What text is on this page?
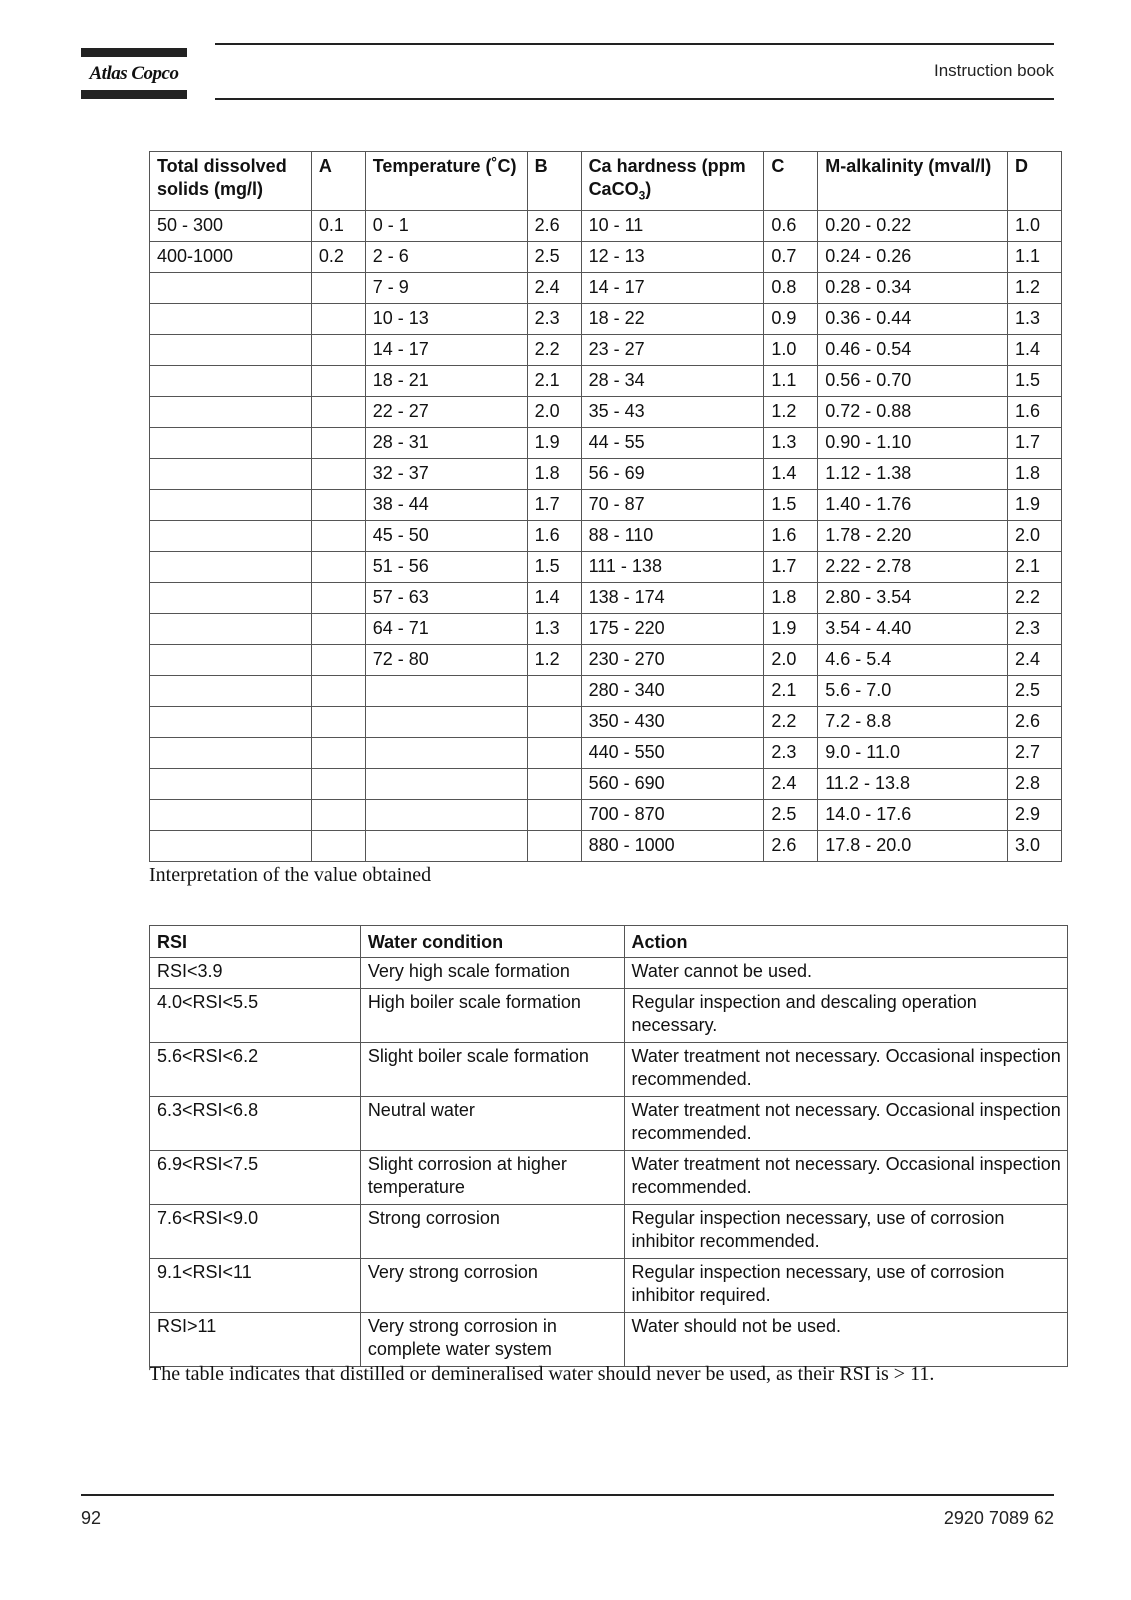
Atlas Copco	Instruction book
Total dissolved solids (mg/l)	A	Temperature (˚C)	B	Ca hardness (ppm CaCO$_3$)	C	M-alkalinity (mval/l)	D
50 - 300	0.1	0 - 1	2.6	10 - 11	0.6	0.20 - 0.22	1.0
400-1000	0.2	2 - 6	2.5	12 - 13	0.7	0.24 - 0.26	1.1
		7 - 9	2.4	14 - 17	0.8	0.28 - 0.34	1.2
		10 - 13	2.3	18 - 22	0.9	0.36 - 0.44	1.3
		14 - 17	2.2	23 - 27	1.0	0.46 - 0.54	1.4
		18 - 21	2.1	28 - 34	1.1	0.56 - 0.70	1.5
		22 - 27	2.0	35 - 43	1.2	0.72 - 0.88	1.6
		28 - 31	1.9	44 - 55	1.3	0.90 - 1.10	1.7
		32 - 37	1.8	56 - 69	1.4	1.12 - 1.38	1.8
		38 - 44	1.7	70 - 87	1.5	1.40 - 1.76	1.9
		45 - 50	1.6	88 - 110	1.6	1.78 - 2.20	2.0
		51 - 56	1.5	111 - 138	1.7	2.22 - 2.78	2.1
		57 - 63	1.4	138 - 174	1.8	2.80 - 3.54	2.2
		64 - 71	1.3	175 - 220	1.9	3.54 - 4.40	2.3
		72 - 80	1.2	230 - 270	2.0	4.6 - 5.4	2.4
				280 - 340	2.1	5.6 - 7.0	2.5
				350 - 430	2.2	7.2 - 8.8	2.6
				440 - 550	2.3	9.0 - 11.0	2.7
				560 - 690	2.4	11.2 - 13.8	2.8
				700 - 870	2.5	14.0 - 17.6	2.9
				880 - 1000	2.6	17.8 - 20.0	3.0
Interpretation of the value obtained
RSI	Water condition	Action
RSI<3.9	Very high scale formation	Water cannot be used.
4.0<RSI<5.5	High boiler scale formation	Regular inspection and descaling operation necessary.
5.6<RSI<6.2	Slight boiler scale formation	Water treatment not necessary. Occasional inspection recommended.
6.3<RSI<6.8	Neutral water	Water treatment not necessary. Occasional inspection recommended.
6.9<RSI<7.5	Slight corrosion at higher temperature	Water treatment not necessary. Occasional inspection recommended.
7.6<RSI<9.0	Strong corrosion	Regular inspection necessary, use of corrosion inhibitor recommended.
9.1<RSI<11	Very strong corrosion	Regular inspection necessary, use of corrosion inhibitor required.
RSI>11	Very strong corrosion in complete water system	Water should not be used.
The table indicates that distilled or demineralised water should never be used, as their RSI is > 11.
92	2920 7089 62
